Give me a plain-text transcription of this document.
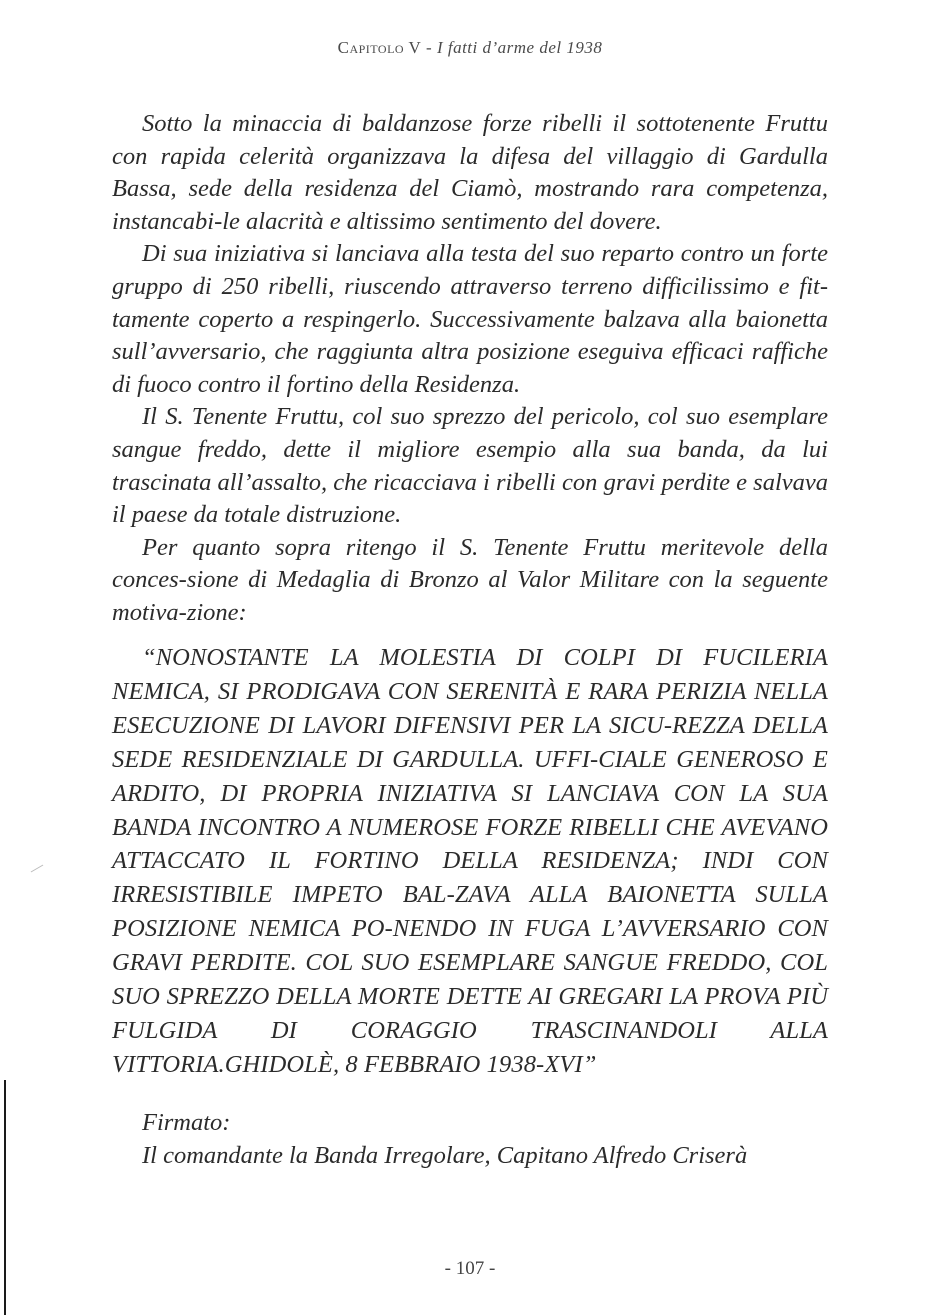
Capitolo V - I fatti d’arme del 1938

Sotto la minaccia di baldanzose forze ribelli il sottotenente Fruttu con rapida celerità organizzava la difesa del villaggio di Gardulla Bassa, sede della residenza del Ciamò, mostrando rara competenza, instancabi-le alacrità e altissimo sentimento del dovere.

Di sua iniziativa si lanciava alla testa del suo reparto contro un forte gruppo di 250 ribelli, riuscendo attraverso terreno difficilissimo e fit-tamente coperto a respingerlo. Successivamente balzava alla baionetta sull’avversario, che raggiunta altra posizione eseguiva efficaci raffiche di fuoco contro il fortino della Residenza.

Il S. Tenente Fruttu, col suo sprezzo del pericolo, col suo esemplare sangue freddo, dette il migliore esempio alla sua banda, da lui trascinata all’assalto, che ricacciava i ribelli con gravi perdite e salvava il paese da totale distruzione.

Per quanto sopra ritengo il S. Tenente Fruttu meritevole della conces-sione di Medaglia di Bronzo al Valor Militare con la seguente motiva-zione:

“NONOSTANTE LA MOLESTIA DI COLPI DI FUCILERIA NEMICA, SI PRODIGAVA CON SERENITÀ E RARA PERIZIA NELLA ESECUZIONE DI LAVORI DIFENSIVI PER LA SICU-REZZA DELLA SEDE RESIDENZIALE DI GARDULLA. UFFI-CIALE GENEROSO E ARDITO, DI PROPRIA INIZIATIVA SI LANCIAVA CON LA SUA BANDA INCONTRO A NUMEROSE FORZE RIBELLI CHE AVEVANO ATTACCATO IL FORTINO DELLA RESIDENZA; INDI CON IRRESISTIBILE IMPETO BAL-ZAVA ALLA BAIONETTA SULLA POSIZIONE NEMICA PO-NENDO IN FUGA L’AVVERSARIO CON GRAVI PERDITE. COL SUO ESEMPLARE SANGUE FREDDO, COL SUO SPREZZO DELLA MORTE DETTE AI GREGARI LA PROVA PIÙ FULGIDA DI CORAGGIO TRASCINANDOLI ALLA VITTORIA.GHIDOLÈ, 8 FEBBRAIO 1938-XVI”
Firmato:
Il comandante la Banda Irregolare, Capitano Alfredo Criserà
- 107 -
